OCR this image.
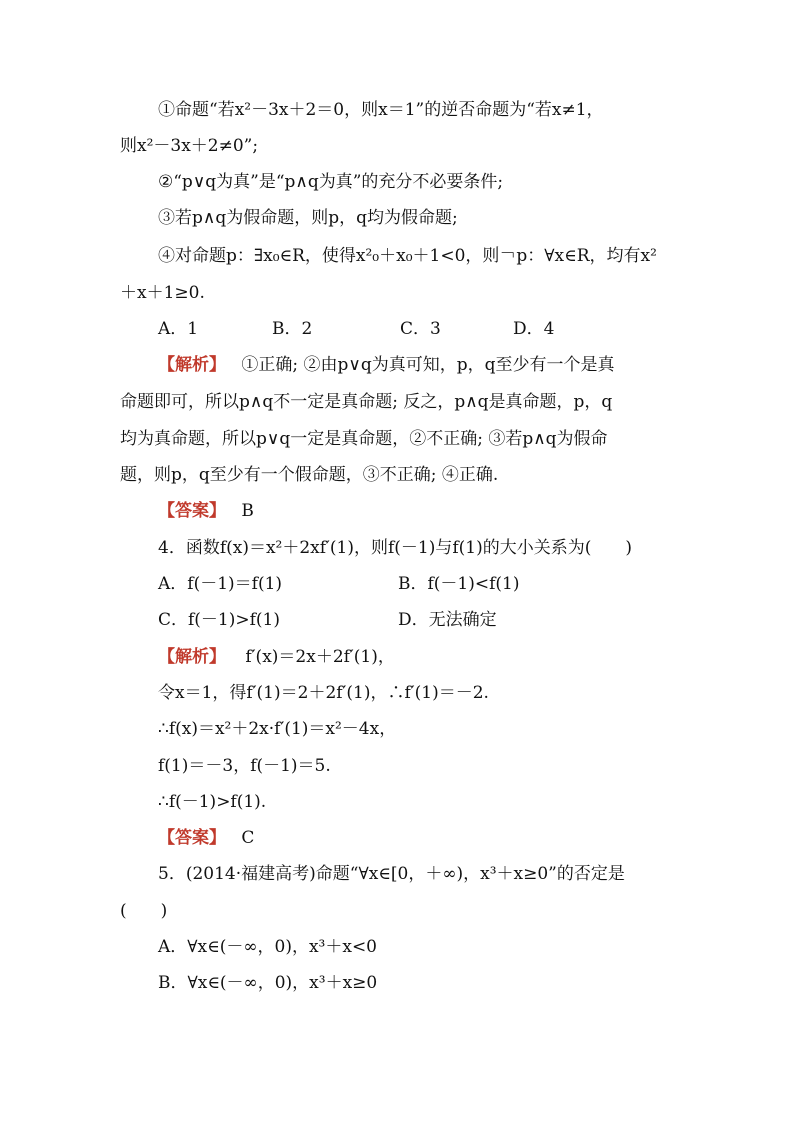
①命题“若x²－3x＋2＝0，则x＝1”的逆否命题为“若x≠1，
则x²－3x＋2≠0”;
②“p∨q为真”是“p∧q为真”的充分不必要条件;
③若p∧q为假命题，则p，q均为假命题;
④对命题p：∃x₀∈R，使得x²₀＋x₀＋1<0，则￢p：∀x∈R，均有x²
＋x＋1≥0.
A．1	B．2	C．3	D．4
【解析】 ①正确; ②由p∨q为真可知，p，q至少有一个是真
命题即可，所以p∧q不一定是真命题; 反之，p∧q是真命题，p，q
均为真命题，所以p∨q一定是真命题，②不正确; ③若p∧q为假命
题，则p，q至少有一个假命题，③不正确; ④正确.
【答案】 B
4．函数f(x)＝x²＋2xf′(1)，则f(－1)与f(1)的大小关系为(　　)
A．f(－1)＝f(1)	B．f(－1)<f(1)
C．f(－1)>f(1)	D．无法确定
【解析】 f′(x)＝2x＋2f′(1)，
令x＝1，得f′(1)＝2＋2f′(1)，∴f′(1)＝－2.
∴f(x)＝x²＋2x·f′(1)＝x²－4x，
f(1)＝－3，f(－1)＝5.
∴f(－1)>f(1).
【答案】 C
5．(2014·福建高考)命题“∀x∈[0，＋∞)，x³＋x≥0”的否定是
(　　)
A．∀x∈(－∞，0)，x³＋x<0
B．∀x∈(－∞，0)，x³＋x≥0
